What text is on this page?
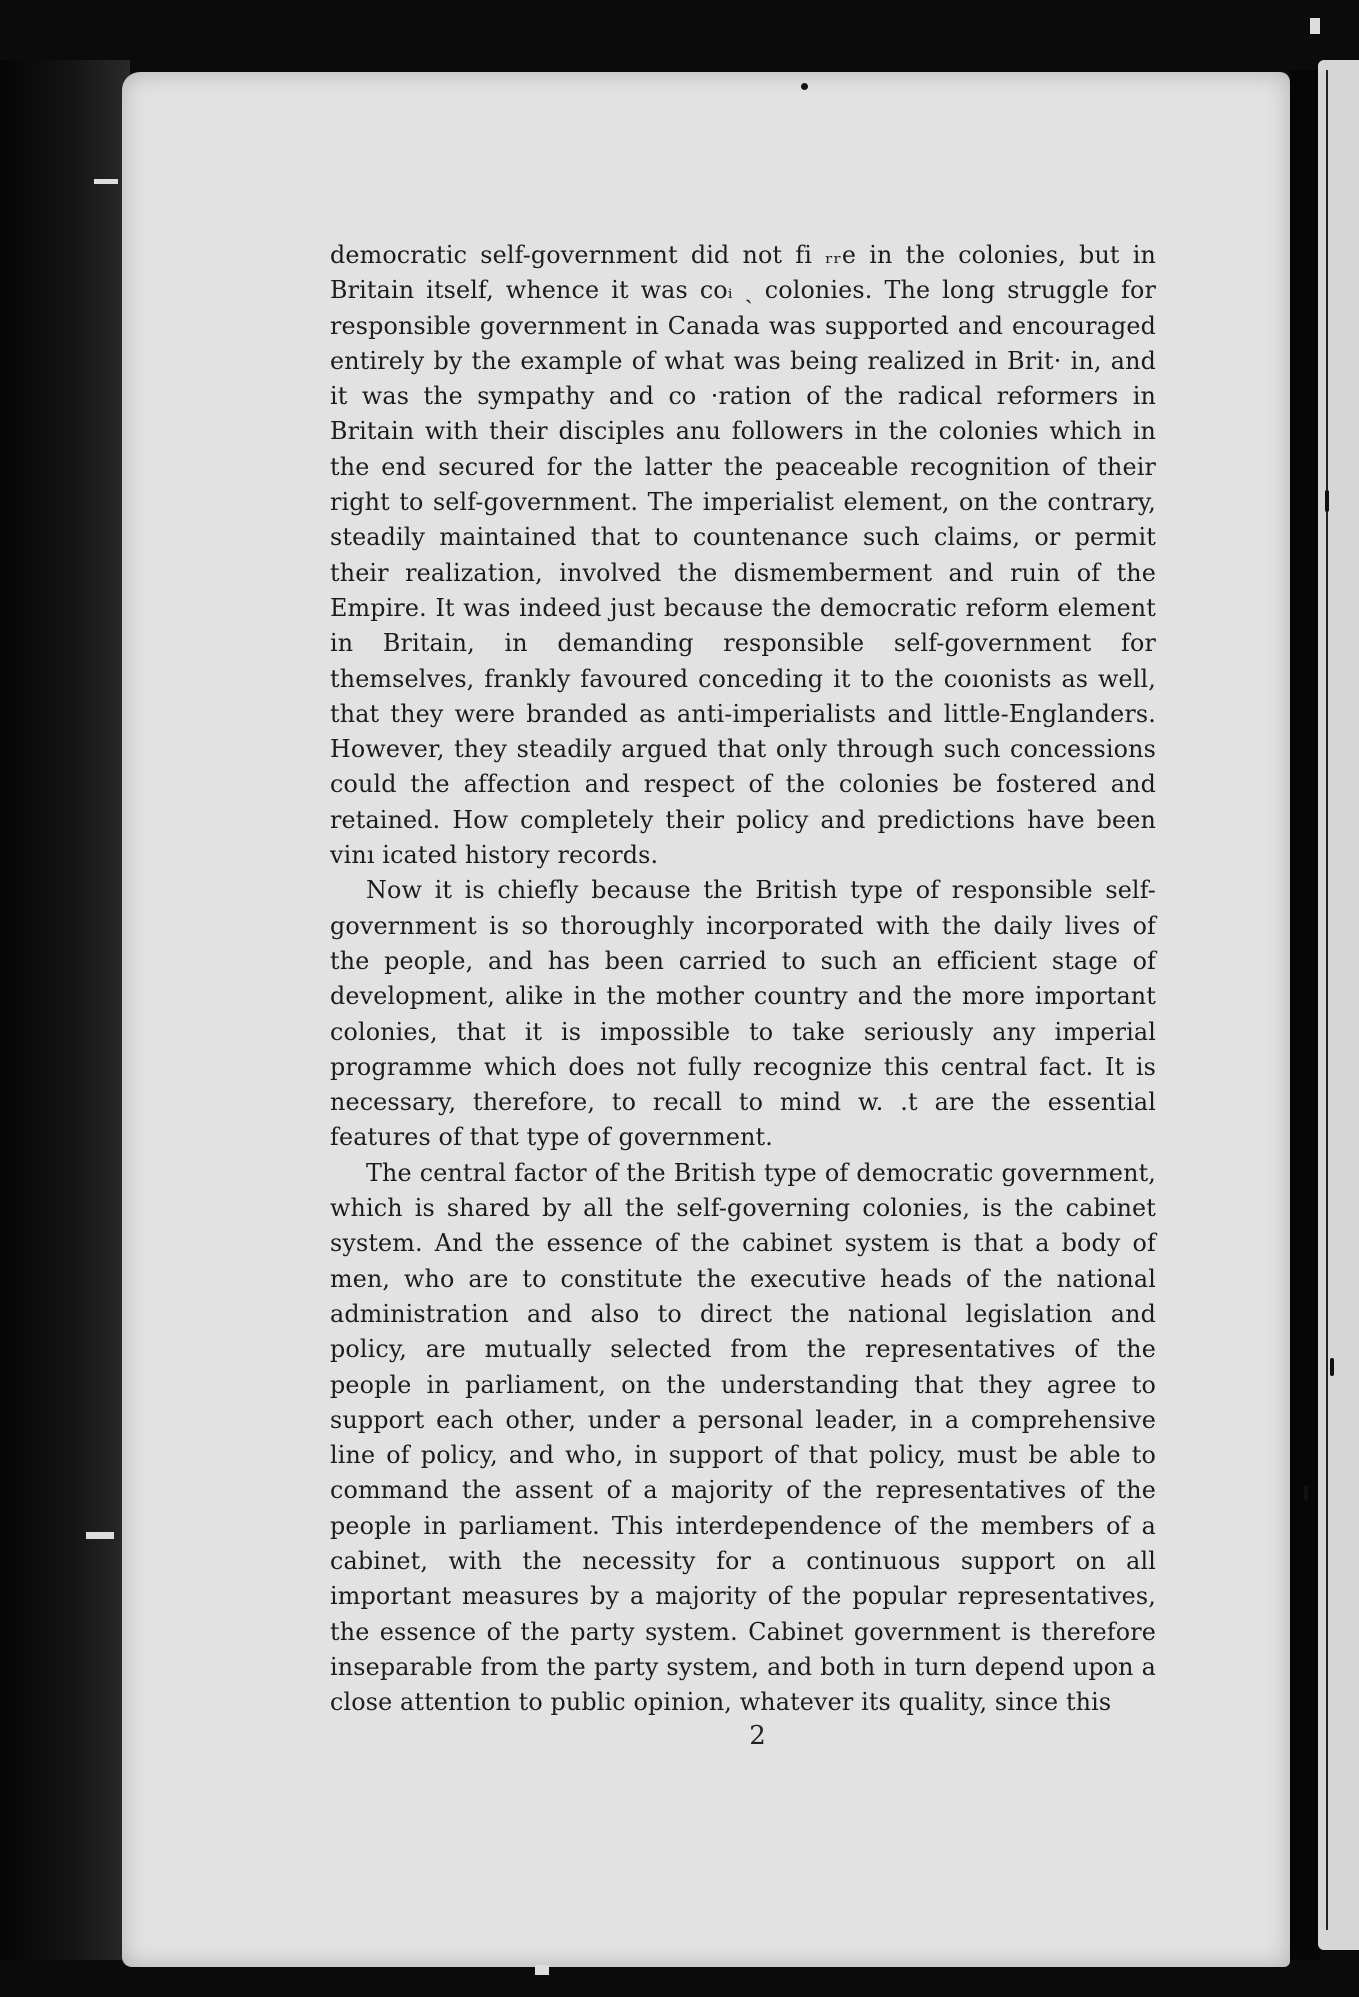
democratic self-government did not fi ᵣᵣe in the colonies, but in Britain itself, whence it was coᵢ ˏ colonies. The long struggle for responsible government in Canada was supported and encouraged entirely by the example of what was being realized in Brit· in, and it was the sympathy and co ·ration of the radical reformers in Britain with their disciples anu followers in the colonies which in the end secured for the latter the peaceable recognition of their right to self-government. The imperialist element, on the contrary, steadily maintained that to countenance such claims, or permit their realization, involved the dismemberment and ruin of the Empire. It was indeed just because the democratic reform element in Britain, in demanding responsible self-government for themselves, frankly favoured conceding it to the coıonists as well, that they were branded as anti-imperialists and little-Englanders. However, they steadily argued that only through such concessions could the affection and respect of the colonies be fostered and retained. How completely their policy and predictions have been vinı icated history records.

Now it is chiefly because the British type of responsible self-government is so thoroughly incorporated with the daily lives of the people, and has been carried to such an efficient stage of development, alike in the mother country and the more important colonies, that it is impossible to take seriously any imperial programme which does not fully recognize this central fact. It is necessary, therefore, to recall to mind w. .t are the essential features of that type of government.

The central factor of the British type of democratic government, which is shared by all the self-governing colonies, is the cabinet system. And the essence of the cabinet system is that a body of men, who are to constitute the executive heads of the national administration and also to direct the national legislation and policy, are mutually selected from the representatives of the people in parliament, on the understanding that they agree to support each other, under a personal leader, in a comprehensive line of policy, and who, in support of that policy, must be able to command the assent of a majority of the representatives of the people in parliament. This interdependence of the members of a cabinet, with the necessity for a continuous support on all important measures by a majority of the popular representatives, the essence of the party system. Cabinet government is therefore inseparable from the party system, and both in turn depend upon a close attention to public opinion, whatever its quality, since this

2
